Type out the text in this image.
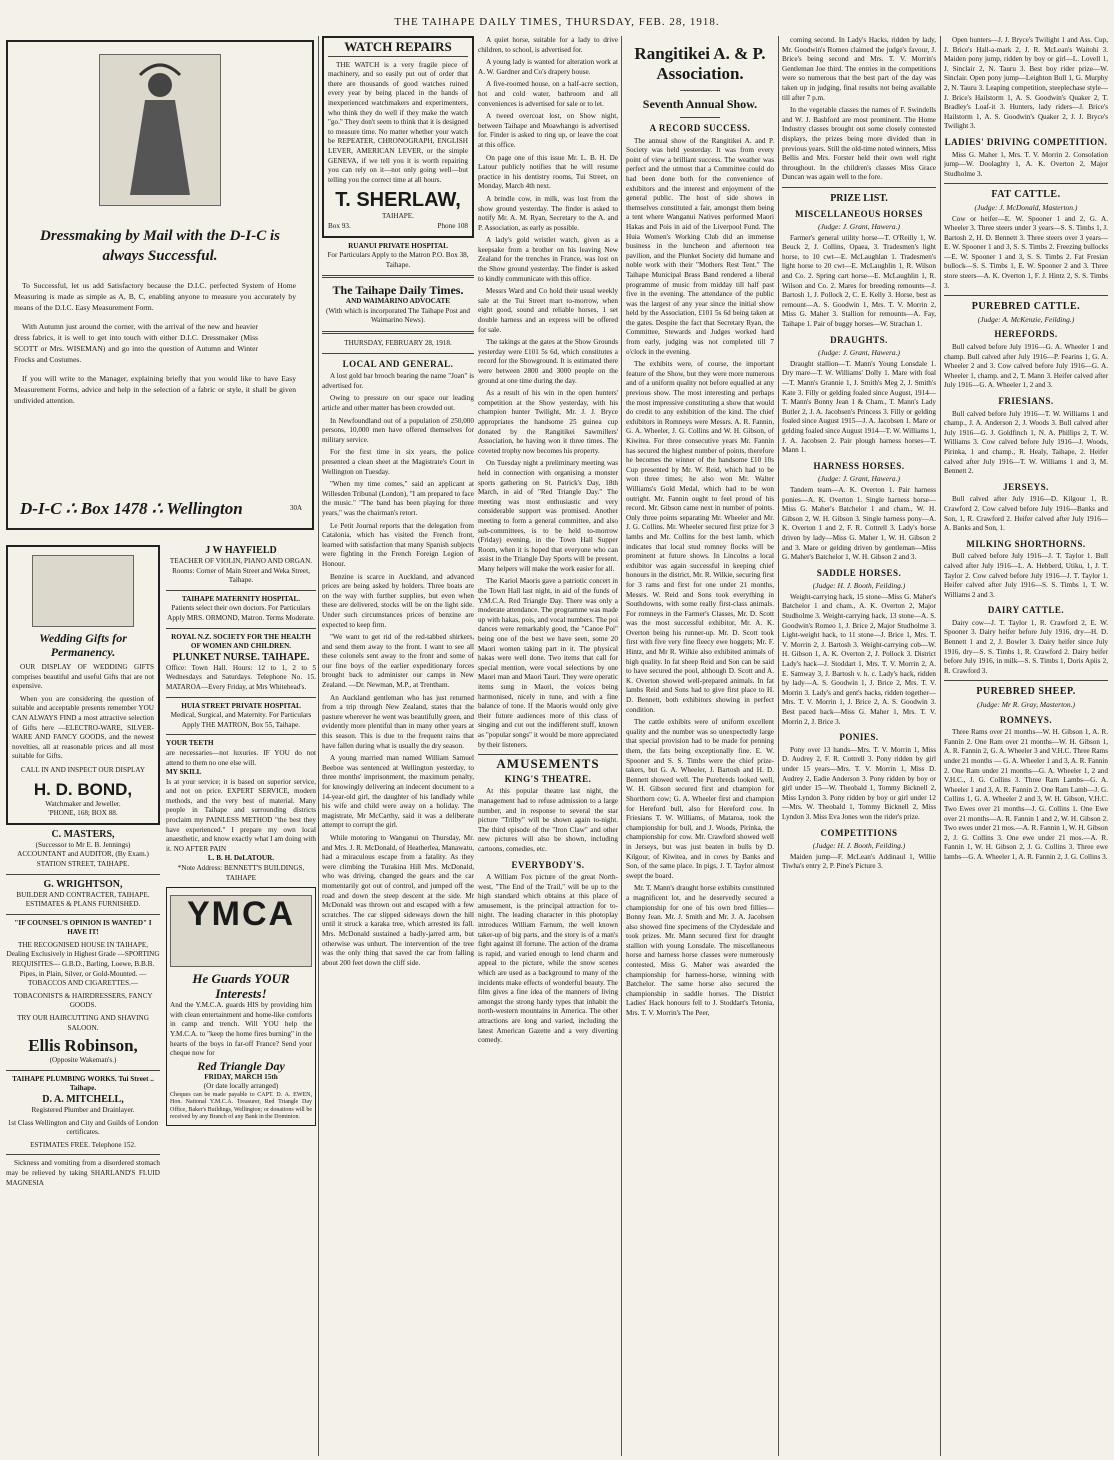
THE TAIHAPE DAILY TIMES, THURSDAY, FEB. 28, 1918.
Dressmaking by Mail with the D-I-C is always Successful.

To Successful, let us add Satisfactory because the D.I.C. perfected System of Home Measuring is made as simple as A, B, C, enabling anyone to measure you accurately by means of the D.I.C. Easy Measurement Form.

With Autumn just around the corner, with the arrival of the new and heavier dress fabrics, it is well to get into touch with either D.I.C. Dressmaker (Miss SCOTT or Mrs. WISEMAN) and go into the question of Autumn and Winter Frocks and Costumes.

If you will write to the Manager, explaining briefly that you would like to have Easy Measurement Forms, advice and help in the selection of a fabric or style, it shall be given undivided attention.

D-I-C ∴ Box 1478 ∴ Wellington	30A
Wedding Gifts for Permanency.

OUR DISPLAY OF WEDDING GIFTS comprises beautiful and useful Gifts that are not expensive.

When you are considering the question of suitable and acceptable presents remember YOU CAN ALWAYS FIND a most attractive selection of Gifts here —ELECTRO-WARE, SILVER-WARE AND FANCY GOODS, and the newest novelties, all at reasonable prices and all most suitable for Gifts.

CALL IN AND INSPECT OUR DISPLAY
H. D. BOND,
Watchmaker and Jeweller.
'PHONE, 168; BOX 88.
C. MASTERS,
(Successor to Mr E. B. Jennings)
ACCOUNTANT and AUDITOR, (By Exam.)
STATION STREET, TAIHAPE.
G. WRIGHTSON,
BUILDER AND CONTRACTER, TAIHAPE.
ESTIMATES & PLANS FURNISHED.
"IF COUNSEL'S OPINION IS WANTED" I HAVE IT!
THE RECOGNISED HOUSE IN TAIHAPE, Dealing Exclusively in Highest Grade —SPORTING REQUISITES— G.B.D., Barling, Loewe, B.B.B. Pipes, in Plain, Silver, or Gold-Mounted. —TOBACCOS AND CIGARETTES.—
TOBACONISTS & HAIRDRESSERS, FANCY GOODS.
TRY OUR HAIRCUTTING AND SHAVING SALOON.
Ellis Robinson,
(Opposite Wakeman's.)
TAIHAPE PLUMBING WORKS. Tui Street .. Taihape.
D. A. MITCHELL,
Registered Plumber and Drainlayer.
1st Class Wellington and City and Guilds of London certificates.
ESTIMATES FREE. Telephone 152.

Sickness and vomiting from a disordered stomach may be relieved by taking SHARLAND'S FLUID MAGNESIA

J W HAYFIELD
TEACHER OF VIOLIN, PIANO AND ORGAN. Rooms: Corner of Main Street and Weka Street, Taihape.
TAIHAPE MATERNITY HOSPITAL.
Patients select their own doctors. For Particulars Apply MRS. ORMOND, Matron. Terms Moderate.
ROYAL N.Z. SOCIETY FOR THE HEALTH OF WOMEN AND CHILDREN.
PLUNKET NURSE. TAIHAPE.
Office: Town Hall. Hours: 12 to 1, 2 to 5 Wednesdays and Saturdays. Telephone No. 15. MATAROA—Every Friday, at Mrs Whitehead's.
HUIA STREET PRIVATE HOSPITAL
Medical, Surgical, and Maternity. For Particulars Apply THE MATRON, Box 55, Taihape.
YOUR TEETH
are necessaries—not luxuries. IF YOU do not attend to them no one else will.
MY SKILL
Is at your service; it is based on superior service, and not on price. EXPERT SERVICE, modern methods, and the very best of material. Many people in Taihape and surrounding districts proclaim my PAINLESS METHOD "the best they have experienced." I prepare my own local anaesthetic, and know exactly what I am doing with it. NO AFTER PAIN
L. B. H. DeLATOUR.
*Note Address: BENNETT'S BUILDINGS, TAIHAPE
YMCA
He Guards YOUR Interests!
And the Y.M.C.A. guards HIS by providing him with clean entertainment and home-like comforts in camp and trench. Will YOU help the Y.M.C.A. to "keep the home fires burning" in the hearts of the boys in far-off France? Send your cheque now for
Red Triangle Day
FRIDAY, MARCH 15th
(Or date locally arranged)
Cheques can be made payable to CAPT. D. A. EWEN, Hon. National Y.M.C.A. Treasurer, Red Triangle Day Office, Baker's Buildings, Wellington; or donations will be received by any Branch of any Bank in the Dominion.
WATCH REPAIRS

THE WATCH is a very fragile piece of machinery, and so easily put out of order that there are thousands of good watches ruined every year by being placed in the hands of inexperienced watchmakers and experimenters, who think they do well if they make the watch "go." They don't seem to think that it is designed to measure time. No matter whether your watch be REPEATER, CHRONOGRAPH, ENGLISH LEVER, AMERICAN LEVER, or the simple GENEVA, if we tell you it is worth repairing you can rely on it—not only going well—but telling you the correct time at all hours.

T. SHERLAW,
TAIHAPE.
Box 93.	Phone 108
RUANUI PRIVATE HOSPITAL
For Particulars Apply to the Matron P.O. Box 38, Taihape.
The Taihape Daily Times.
AND WAIMARINO ADVOCATE
(With which is incorporated The Taihape Post and Waimarino News).
THURSDAY, FEBRUARY 28, 1918.
LOCAL AND GENERAL.

A lost gold bar brooch bearing the name "Joan" is advertised for.

Owing to pressure on our space our leading article and other matter has been crowded out.

In Newfoundland out of a population of 250,000 persons, 10,000 men have offered themselves for military service.

For the first time in six years, the police presented a clean sheet at the Magistrate's Court in Wellington on Tuesday.

"When my time comes," said an applicant at Willesden Tribunal (London), "I am prepared to face the music." "The band has been playing for three years," was the chairman's retort.

Le Petit Journal reports that the delegation from Catalonia, which has visited the French front, learned with satisfaction that many Spanish subjects were fighting in the French Foreign Legion of Honour.

Benzine is scarce in Auckland, and advanced prices are being asked by holders. Three boats are on the way with further supplies, but even when these are delivered, stocks will be on the light side. Under such circumstances prices of benzine are expected to keep firm.

"We want to get rid of the red-tabbed shirkers, and send them away to the front. I want to see all these colonels sent away to the front and some of our fine boys of the earlier expeditionary forces brought back to administer our camps in New Zealand. —Dr. Newman, M.P., at Trentham.

An Auckland gentleman who has just returned from a trip through New Zealand, states that the pasture wherever he went was beautifully green, and evidently more plentiful than in many other years at this season. This is due to the frequent rains that have fallen during what is usually the dry season.

A young married man named William Samuel Beeboe was sentenced at Wellington yesterday, to three months' imprisonment, the maximum penalty, for knowingly delivering an indecent document to a 14-year-old girl, the daughter of his landlady while his wife and child were away on a holiday. The magistrate, Mr McCarthy, said it was a deliberate attempt to corrupt the girl.

While motoring to Wanganui on Thursday, Mr. and Mrs. J. R. McDonald, of Heatherlea, Manawatu, had a miraculous escape from a fatality. As they were climbing the Turakina Hill Mrs. McDonald, who was driving, changed the gears and the car momentarily got out of control, and jumped off the road and down the steep descent at the side. Mr McDonald was thrown out and escaped with a few scratches. The car slipped sideways down the hill until it struck a karaka tree, which arrested its fall. Mrs. McDonald sustained a badly-jarred arm, but otherwise was unhurt. The intervention of the tree was the only thing that saved the car from falling about 200 feet down the cliff side.

A quiet horse, suitable for a lady to drive children, to school, is advertised for.

A young lady is wanted for alteration work at A. W. Gardner and Co's drapery house.

A five-roomed house, on a half-acre section, hot and cold water, bathroom and all conveniences is advertised for sale or to let.

A tweed overcoat lost, on Show night, between Taihape and Moawhango is advertised for. Finder is asked to ring up, or leave the coat at this office.

On page one of this issue Mr. L. B. H. De Latour publicly notifies that he will resume practice in his dentistry rooms, Tui Street, on Monday, March 4th next.

A brindle cow, in milk, was lost from the show ground yesterday. The finder is asked to notify Mr. A. M. Ryan, Secretary to the A. and P. Association, as early as possible.

A lady's gold wristlet watch, given as a keepsake from a brother on his leaving New Zealand for the trenches in France, was lost on the Show ground yesterday. The finder is asked to kindly communicate with this office.

Messrs Ward and Co hold their usual weekly sale at the Tui Street mart to-morrow, when eight good, sound and reliable horses, 1 set double harness and an express will be offered for sale.

The takings at the gates at the Show Grounds yesterday were £101 5s 6d, which constitutes a record for the Showground. It is estimated there were between 2800 and 3000 people on the ground at one time during the day.

As a result of his win in the open hunters' competition at the Show yesterday, with his champion hunter Twilight, Mr. J. J. Bryce appropriates the handsome 25 guinea cup donated by the Rangitikei Sawmillers' Association, he having won it three times. The coveted trophy now becomes his property.

On Tuesday night a preliminary meeting was held in connection with organising a monster sports gathering on St. Patrick's Day, 18th March, in aid of "Red Triangle Day." The meeting was most enthusiastic and very considerable support was promised. Another meeting to form a general committee, and also sub-committees, is to be held to-morrow (Friday) evening, in the Town Hall Supper Room, when it is hoped that everyone who can assist in the Triangle Day Sports will be present. Many helpers will make the work easier for all.

The Kariol Maoris gave a patriotic concert in the Town Hall last night, in aid of the funds of Y.M.C.A. Red Triangle Day. There was only a moderate attendance. The programme was made up with hakas, pois, and vocal numbers. The poi dances were remarkably good, the "Canoe Poi" being one of the best we have seen, some 20 Maori women taking part in it. The physical hakas were well done. Two items that call for special mention, were vocal selections by one Maori man and Maori Tauri. They were operatic items sung in Maori, the voices being harmonised, nicely in tune, and with a fine balance of tone. If the Maoris would only give their future audiences more of this class of singing and cut out the indifferent stuff, known as "popular songs" it would be more appreciated by their listeners.

AMUSEMENTS
KING'S THEATRE.

At this popular theatre last night, the management had to refuse admission to a large number, and in response to several the star picture "Trilby" will be shown again to-night. The third episode of the "Iron Claw" and other new pictures will also be shown, including cartoons, comedies, etc.

EVERYBODY'S.

A William Fox picture of the great North-west, "The End of the Trail," will be up to the high standard which obtains at this place of amusement, is the principal attraction for to-night. The leading character in this photoplay introduces William Farnum, the well known taker-up of big parts, and the story is of a man's fight against ill fortune. The action of the drama is rapid, and varied enough to lend charm and appeal to the picture, while the snow scenes which are used as a background to many of the incidents make effects of wonderful beauty. The film gives a fine idea of the manners of living amongst the strong hardy types that inhabit the north-western mountains in America. The other attractions are long and varied, including the latest American Gazette and a very diverting comedy.

Rangitikei A. & P.
Association.
Seventh Annual Show.
A RECORD SUCCESS.

The annual show of the Rangitikei A. and P. Society was held yesterday. It was from every point of view a brilliant success. The weather was perfect and the utmost that a Committee could do had been done both for the convenience of exhibitors and the interest and enjoyment of the general public. The host of side shows in themselves constituted a fair, amongst them being a tent where Wanganui Natives performed Maori Hakas and Pois in aid of the Liverpool Fund. The Huia Women's Working Club did an immense business in the luncheon and afternoon tea pavilion, and the Plunket Society did humane and noble work with their "Mothers Rest Tent." The Taihape Municipal Brass Band rendered a liberal programme of music from midday till half past five in the evening. The attendance of the public was the largest of any year since the initial show held by the Association, £101 5s 6d being taken at the gates. Despite the fact that Secretary Ryan, the Committee, Stewards and Judges worked hard from early, judging was not completed till 7 o'clock in the evening.

The exhibits were, of course, the important feature of the Show, but they were more numerous and of a uniform quality not before equalled at any previous show. The most interesting and perhaps the most impressive constituting a show that would do credit to any exhibition of the kind. The chief exhibitors in Romneys were Messrs. A. R. Fannin, G. A. Wheeler, J. G. Collins and W. H. Gibson, of Kiwitea. For three consecutive years Mr. Fannin has secured the highest number of points, therefore he becomes the winner of the handsome £10 10s Cup presented by Mr. W. Reid, which had to be won three times; he also won Mr. Walter Williams's Gold Medal, which had to be won outright. Mr. Fannin ought to feel proud of his record. Mr. Gibson came next in number of points. Only three points separating Mr. Wheeler and Mr. J. G. Collins. Mr. Wheeler secured first prize for 3 lambs and Mr. Collins for the best lamb, which indicates that local stud romney flocks will be prominent at future shows. In Lincolns a local exhibitor was again successful in keeping chief honours in the district, Mr. R. Wilkie, securing first for 3 rams and first for one under 21 months, Messrs. W. Reid and Sons took everything in Southdowns, with some really first-class animals. For romneys in the Farmer's Classes, Mr. D. Scott was the most successful exhibitor, Mr. A. K. Overton being his runner-up. Mr. D. Scott took first with five very fine fleecy ewe hoggets; Mr. F. Hintz, and Mr R. Wilkie also exhibited animals of high quality. In fat sheep Reid and Son can be said to have secured the pool, although D. Scott and A. K. Overton showed well-prepared animals. In fat lambs Reid and Sons had to give first place to H. D. Bennett, both exhibitors showing in perfect condition.

The cattle exhibits were of uniform excellent quality and the number was so unexpectedly large that special provision had to be made for penning them, the fats being exceptionally fine. E. W. Spooner and S. S. Timbs were the chief prize-takers, but G. A. Wheeler, J. Bartosh and H. D. Bennett showed well. The Purebreds looked well, W. H. Gibson secured first and champion for Shorthorn cow; G. A. Wheeler first and champion for Hereford bull, also for Hereford cow. In Friesians T. W. Williams, of Mataroa, took the championship for bull, and J. Woods, Pirinka, the championship for cow. Mr. Crawford showed well in Jerseys, but was just beaten in bulls by D. Kilgour, of Kiwitea, and in cows by Banks and Son, of the same place. In pigs, J. T. Taylor almost swept the board.

Mr. T. Mann's draught horse exhibits constituted a magnificent lot, and he deservedly secured a championship for one of his own bred fillies—Bonny Jean. Mr. J. Smith and Mr. J. A. Jacobsen also showed fine specimens of the Clydesdale and took prizes. Mr. Mann secured first for draught stallion with young Lonsdale. The miscellaneous horse and harness horse classes were numerously contested, Miss G. Maher was awarded the championship for harness-horse, winning with Batchelor. The same horse also secured the championship in saddle horses. The District Ladies' Hack honours fell to J. Stoddart's Tetonia, Mrs. T. V. Morrin's The Peer,

coming second. In Lady's Hacks, ridden by lady, Mr. Goodwin's Romeo claimed the judge's favour, J. Brice's being second and Mrs. T. V. Morrin's Gentleman Joe third. The entries in the competitions were so numerous that the best part of the day was taken up in judging, final results not being available till after 7 p.m.

In the vegetable classes the names of F. Swindells and W. J. Bashford are most prominent. The Home Industry classes brought out some closely contested displays, the prizes being more divided than in previous years. Still the old-time noted winners, Miss Bellis and Mrs. Forster held their own well right throughout. In the children's classes Miss Grace Duncan was again well to the fore.

PRIZE LIST.
MISCELLANEOUS HORSES
(Judge: J. Grant, Hawera.)

Farmer's general utility horse—T. O'Reilly 1, W. Beuck 2, J. Collins, Opaea, 3. Tradesmen's light horse, to 10 cwt—E. McLaughlan 1. Tradesmen's light horse to 20 cwt—E. McLaughlin 1, R. Wilson and Co. 2. Spring cart horse—E. McLaughlin 1, R. Wilson and Co. 2. Mares for breeding remounts—J. Bartosh 1, J. Pollock 2, C. E. Kelly 3. Horse, best as remount—A. S. Goodwin 1, Mrs. T. V. Morrin 2, Miss G. Maher 3. Stallion for remounts—A. Fay, Taihape 1. Pair of buggy horses—W. Strachan 1.

DRAUGHTS.
(Judge: J. Grant, Hawera.)

Draught stallion—T. Mann's Young Lonsdale 1. Dry mare—T. W. Williams' Dolly 1. Mare with foal—T. Mann's Grannie 1, J. Smith's Meg 2, J. Smith's Kate 3. Filly or gelding foaled since August, 1914—T. Mann's Bonny Jean 1 & Cham., T. Mann's Lady Butler 2, J. A. Jacobsen's Princess 3. Filly or gelding foaled since August 1915—J. A. Jacobsen 1. Mare or gelding foaled since August 1914—T. W. Williams 1, J. A. Jacobsen 2. Pair plough harness horses—T. Mann 1.

HARNESS HORSES.
(Judge: J. Grant, Hawera.)

Tandem team—A. K. Overton 1. Pair harness ponies—A. K. Overton 1. Single harness horse—Miss G. Maher's Batchelor 1 and cham., W. H. Gibson 2, W. H. Gibson 3. Single harness pony—A. K. Overton 1 and 2, F. R. Cottrell 3. Lady's horse driven by lady—Miss G. Maher 1, W. H. Gibson 2 and 3. Mare or gelding driven by gentleman—Miss G. Maher's Batchelor 1, W. H. Gibson 2 and 3.

SADDLE HORSES.
(Judge: H. J. Booth, Feilding.)

Weight-carrying hack, 15 stone—Miss G. Maher's Batchelor 1 and cham., A. K. Overton 2, Major Studholme 3. Weight-carrying hack, 13 stone—A. S. Goodwin's Romeo 1, J. Brice 2, Major Studholme 3. Light-weight hack, to 11 stone—J. Brice 1, Mrs. T. V. Morrin 2, J. Bartosh 3. Weight-carrying cob—W. H. Gibson 1, A. K. Overton 2, J. Pollock 3. District Lady's hack—J. Stoddart 1, Mrs. T. V. Morrin 2, A. E. Samway 3, J. Bartosh v. h. c. Lady's hack, ridden by lady—A. S. Goodwin 1, J. Brice 2, Mrs. T. V. Morrin 3. Lady's and gent's hacks, ridden together—Mrs. T. V. Morrin 1, J. Brice 2, A. S. Goodwin 3. Best paced hack—Miss G. Maher 1, Mrs. T. V. Morrin 2, J. Brice 3.

PONIES.

Pony over 13 hands—Mrs. T. V. Morrin 1, Miss D. Audrey 2, F. R. Cottrell 3. Pony ridden by girl under 15 years—Mrs. T. V. Morrin 1, Miss D. Audrey 2, Eadie Anderson 3. Pony ridden by boy or girl under 15—W. Theobald 1, Tommy Bicknell 2, Miss Lyndon 3. Pony ridden by boy or girl under 12—Mrs. W. Theobald 1, Tommy Bicknell 2, Miss Lyndon 3. Miss Eva Jones won the rider's prize.

COMPETITIONS
(Judge: H. J. Booth, Feilding.)

Maiden jump—F. McLean's Addinaul 1, Willie Tiwha's entry 2, P. Pine's Picture 3.

Open hunters—J. J. Bryce's Twilight 1 and Ass. Cup, J. Brice's Hall-a-mark 2, J. R. McLean's Waitohi 3. Maiden pony jump, ridden by boy or girl—L. Lovell 1, J. Sinclair 2, N. Tauru 3. Best boy rider prize—W. Sinclair. Open pony jump—Leighton Bull 1, G. Murphy 2, N. Tauru 3. Leaping competition, steeplechase style—J. Brice's Hailstorm 1, A. S. Goodwin's Quaker 2, T. Bradley's Loaf-it 3. Hunters, lady riders—J. Brice's Hailstorm 1, A. S. Goodwin's Quaker 2, J. J. Bryce's Twilight 3.

LADIES' DRIVING COMPETITION.

Miss G. Maher 1, Mrs. T. V. Morrin 2. Consolation jump—W. Doolaghty 1, A. K. Overton 2, Major Studholme 3.

FAT CATTLE.
(Judge: J. McDonald, Masterton.)

Cow or heifer—E. W. Spooner 1 and 2, G. A. Wheeler 3. Three steers under 3 years—S. S. Timbs 1, J. Bartosh 2, H. D. Bennett 3. Three steers over 3 years—E. W. Spooner 1 and 3, S. S. Timbs 2. Freezing bullocks—E. W. Spooner 1 and 3, S. S. Timbs 2. Fat Fresian bullock—S. S. Timbs 1, E. W. Spooner 2 and 3. Three store steers—A. K. Overton 1, F. J. Hintz 2, S. S. Timbs 3.

PUREBRED CATTLE.
(Judge: A. McKenzie, Feilding.)
HEREFORDS.

Bull calved before July 1916—G. A. Wheeler 1 and champ. Bull calved after July 1916—P. Fearins 1, G. A. Wheeler 2 and 3. Cow calved before July 1916—G. A. Wheeler 1, champ. and 2, T. Mann 3. Heifer calved after July 1916—G. A. Wheeler 1, 2 and 3.

FRIESIANS.

Bull calved before July 1916—T. W. Williams 1 and champ., J. A. Anderson 2, J. Woods 3. Bull calved after July 1916—G. J. Goldfinch 1, N. A. Phillips 2, T. W. Williams 3. Cow calved before July 1916—J. Woods, Pirinka, 1 and champ., R. Healy, Taihape, 2. Heifer calved after July 1916—T. W. Williams 1 and 3, M. Bennett 2.

JERSEYS.

Bull calved after July 1916—D. Kilgour 1, R. Crawford 2. Cow calved before July 1916—Banks and Son, 1, R. Crawford 2. Heifer calved after July 1916—A. Banks and Son, 1.

MILKING SHORTHORNS.

Bull calved before July 1916—J. T. Taylor 1. Bull calved after July 1916—L. A. Hebberd, Utiku, 1, J. T. Taylor 2. Cow calved before July 1916—J. T. Taylor 1. Heifer calved after July 1916—S. S. Timbs 1, T. W. Williams 2 and 3.

DAIRY CATTLE.

Dairy cow—J. T. Taylor 1, R. Crawford 2, E. W. Spooner 3. Dairy heifer before July 1916, dry—H. D. Bennett 1 and 2, J. Bowler 3. Dairy heifer since July 1916, dry—S. S. Timbs 1, R. Crawford 2. Dairy heifer before July 1916, in milk—S. S. Timbs 1, Doris Apiis 2, R. Crawford 3.

PUREBRED SHEEP.
(Judge: Mr R. Gray, Masterton.)
ROMNEYS.

Three Rams over 21 months—W. H. Gibson 1, A. R. Fannin 2. One Ram over 21 months—W. H. Gibson 1, A. R. Fannin 2, G. A. Wheeler 3 and V.H.C. Three Rams under 21 months — G. A. Wheeler 1 and 3, A. R. Fannin 2. One Ram under 21 months—G. A. Wheeler 1, 2 and V.H.C., J. G. Collins 3. Three Ram Lambs—G. A. Wheeler 1 and 3, A. R. Fannin 2. One Ram Lamb—J. G. Collins 1, G. A. Wheeler 2 and 3, W. H. Gibson, V.H.C. Two Ewes over 21 months—J. G. Collins 1. One Ewe over 21 months—A. R. Fannin 1 and 2, W. H. Gibson 2. Two ewes under 21 mos.—A. R. Fannin 1, W. H. Gibson 2, J. G. Collins 3. One ewe under 21 mos.—A. R. Fannin 1, W. H. Gibson 2, J. G. Collins 3. Three ewe lambs—G. A. Wheeler 1, A. R. Fannin 2, J. G. Collins 3.
